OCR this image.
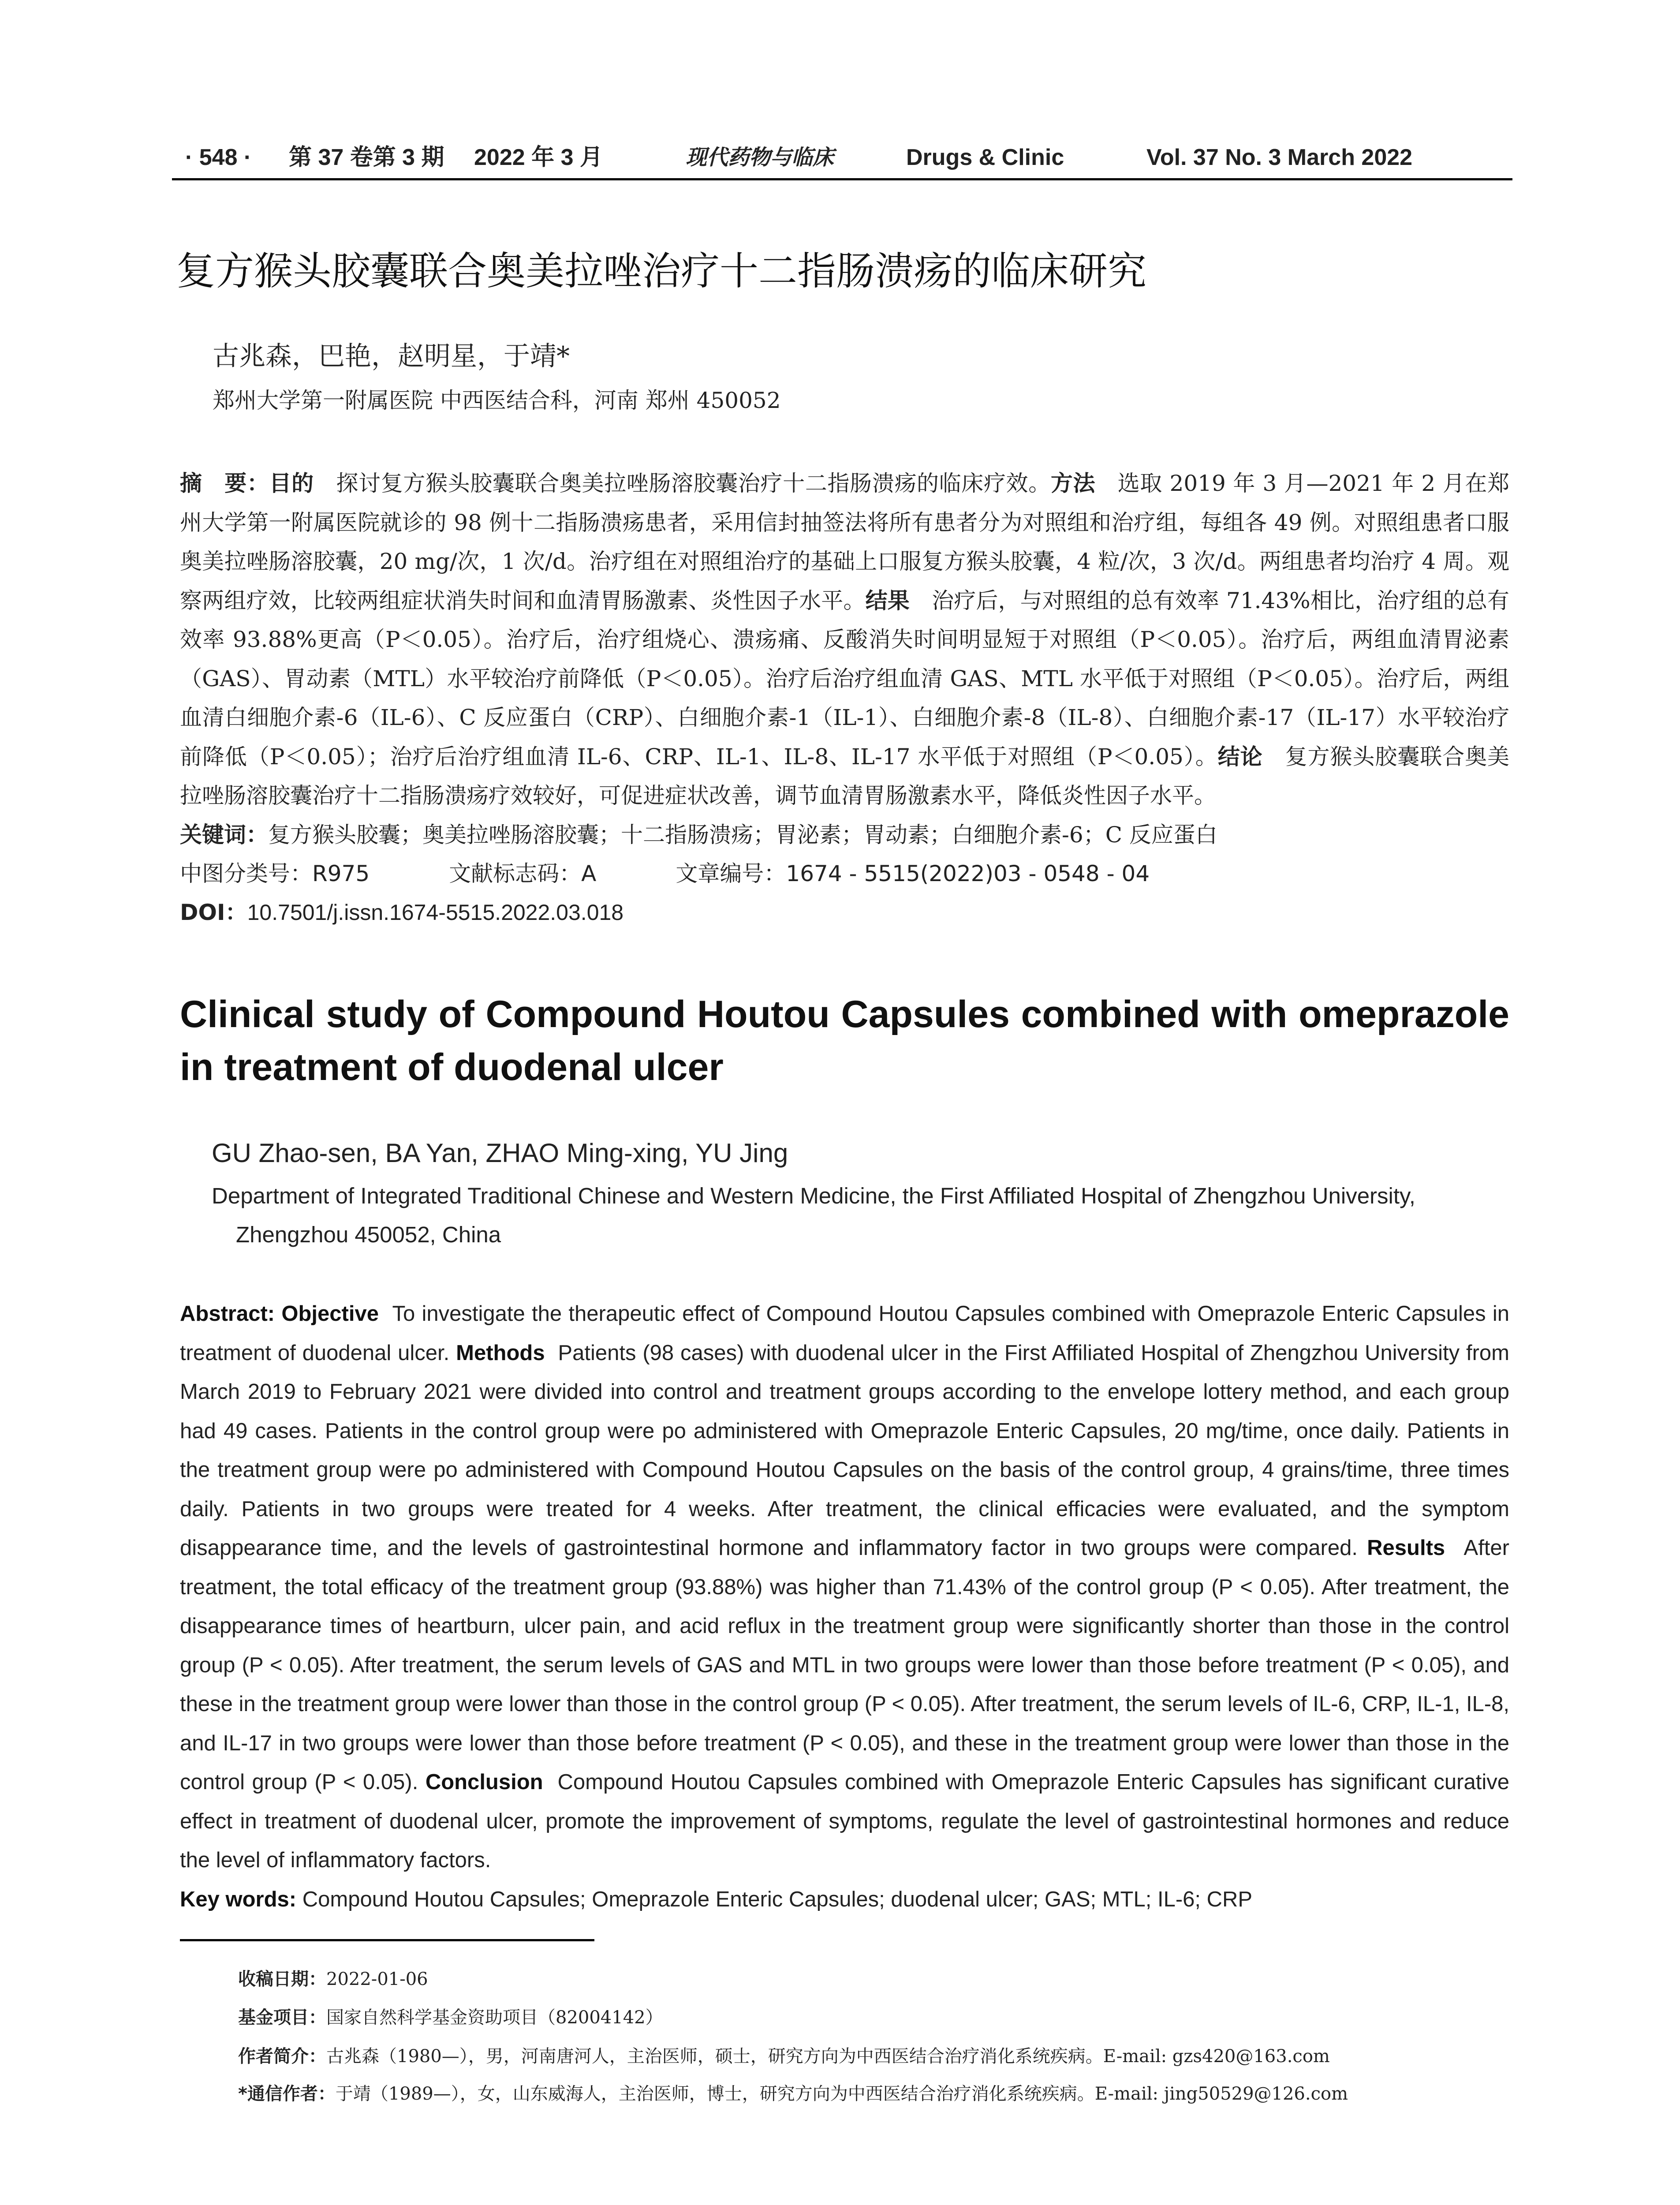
· 548 · 第 37 卷第 3 期 2022 年 3 月	现代药物与临床	Drugs & Clinic	Vol. 37 No. 3 March 2022
复方猴头胶囊联合奥美拉唑治疗十二指肠溃疡的临床研究
古兆森，巴艳，赵明星，于靖*
郑州大学第一附属医院 中西医结合科，河南 郑州 450052

摘　要：目的　 探讨复方猴头胶囊联合奥美拉唑肠溶胶囊治疗十二指肠溃疡的临床疗效。方法　 选取 2019 年 3 月—2021 年 2 月在郑州大学第一附属医院就诊的 98 例十二指肠溃疡患者，采用信封抽签法将所有患者分为对照组和治疗组，每组各 49 例。对照组患者口服奥美拉唑肠溶胶囊，20 mg/次，1 次/d。治疗组在对照组治疗的基础上口服复方猴头胶囊，4 粒/次，3 次/d。两组患者均治疗 4 周。观察两组疗效，比较两组症状消失时间和血清胃肠激素、炎性因子水平。结果　 治疗后，与对照组的总有效率 71.43%相比，治疗组的总有效率 93.88%更高（P＜0.05）。治疗后，治疗组烧心、溃疡痛、反酸消失时间明显短于对照组（P＜0.05）。治疗后，两组血清胃泌素（GAS）、胃动素（MTL）水平较治疗前降低（P＜0.05）。治疗后治疗组血清 GAS、MTL 水平低于对照组（P＜0.05）。治疗后，两组血清白细胞介素-6（IL-6）、C 反应蛋白（CRP）、白细胞介素-1（IL-1）、白细胞介素-8（IL-8）、白细胞介素-17（IL-17）水平较治疗前降低（P＜0.05）；治疗后治疗组血清 IL-6、CRP、IL-1、IL-8、IL-17 水平低于对照组（P＜0.05）。结论　 复方猴头胶囊联合奥美拉唑肠溶胶囊治疗十二指肠溃疡疗效较好，可促进症状改善，调节血清胃肠激素水平，降低炎性因子水平。

关键词：复方猴头胶囊；奥美拉唑肠溶胶囊；十二指肠溃疡；胃泌素；胃动素；白细胞介素-6；C 反应蛋白

中图分类号：R975	文献标志码：A	文章编号：1674 - 5515(2022)03 - 0548 - 04
DOI：10.7501/j.issn.1674-5515.2022.03.018
Clinical study of Compound Houtou Capsules combined with omeprazole in treatment of duodenal ulcer
GU Zhao-sen, BA Yan, ZHAO Ming-xing, YU Jing
Department of Integrated Traditional Chinese and Western Medicine, the First Affiliated Hospital of Zhengzhou University,
Zhengzhou 450052, China

Abstract: Objective To investigate the therapeutic effect of Compound Houtou Capsules combined with Omeprazole Enteric Capsules in treatment of duodenal ulcer. Methods Patients (98 cases) with duodenal ulcer in the First Affiliated Hospital of Zhengzhou University from March 2019 to February 2021 were divided into control and treatment groups according to the envelope lottery method, and each group had 49 cases. Patients in the control group were po administered with Omeprazole Enteric Capsules, 20 mg/time, once daily. Patients in the treatment group were po administered with Compound Houtou Capsules on the basis of the control group, 4 grains/time, three times daily. Patients in two groups were treated for 4 weeks. After treatment, the clinical efficacies were evaluated, and the symptom disappearance time, and the levels of gastrointestinal hormone and inflammatory factor in two groups were compared. Results After treatment, the total efficacy of the treatment group (93.88%) was higher than 71.43% of the control group (P < 0.05). After treatment, the disappearance times of heartburn, ulcer pain, and acid reflux in the treatment group were significantly shorter than those in the control group (P < 0.05). After treatment, the serum levels of GAS and MTL in two groups were lower than those before treatment (P < 0.05), and these in the treatment group were lower than those in the control group (P < 0.05). After treatment, the serum levels of IL-6, CRP, IL-1, IL-8, and IL-17 in two groups were lower than those before treatment (P < 0.05), and these in the treatment group were lower than those in the control group (P < 0.05). Conclusion Compound Houtou Capsules combined with Omeprazole Enteric Capsules has significant curative effect in treatment of duodenal ulcer, promote the improvement of symptoms, regulate the level of gastrointestinal hormones and reduce the level of inflammatory factors.

Key words: Compound Houtou Capsules; Omeprazole Enteric Capsules; duodenal ulcer; GAS; MTL; IL-6; CRP

收稿日期：2022-01-06
基金项目：国家自然科学基金资助项目（82004142）
作者简介：古兆森（1980—），男，河南唐河人，主治医师，硕士，研究方向为中西医结合治疗消化系统疾病。E-mail: gzs420@163.com
*通信作者：于靖（1989—），女，山东威海人，主治医师，博士，研究方向为中西医结合治疗消化系统疾病。E-mail: jing50529@126.com
